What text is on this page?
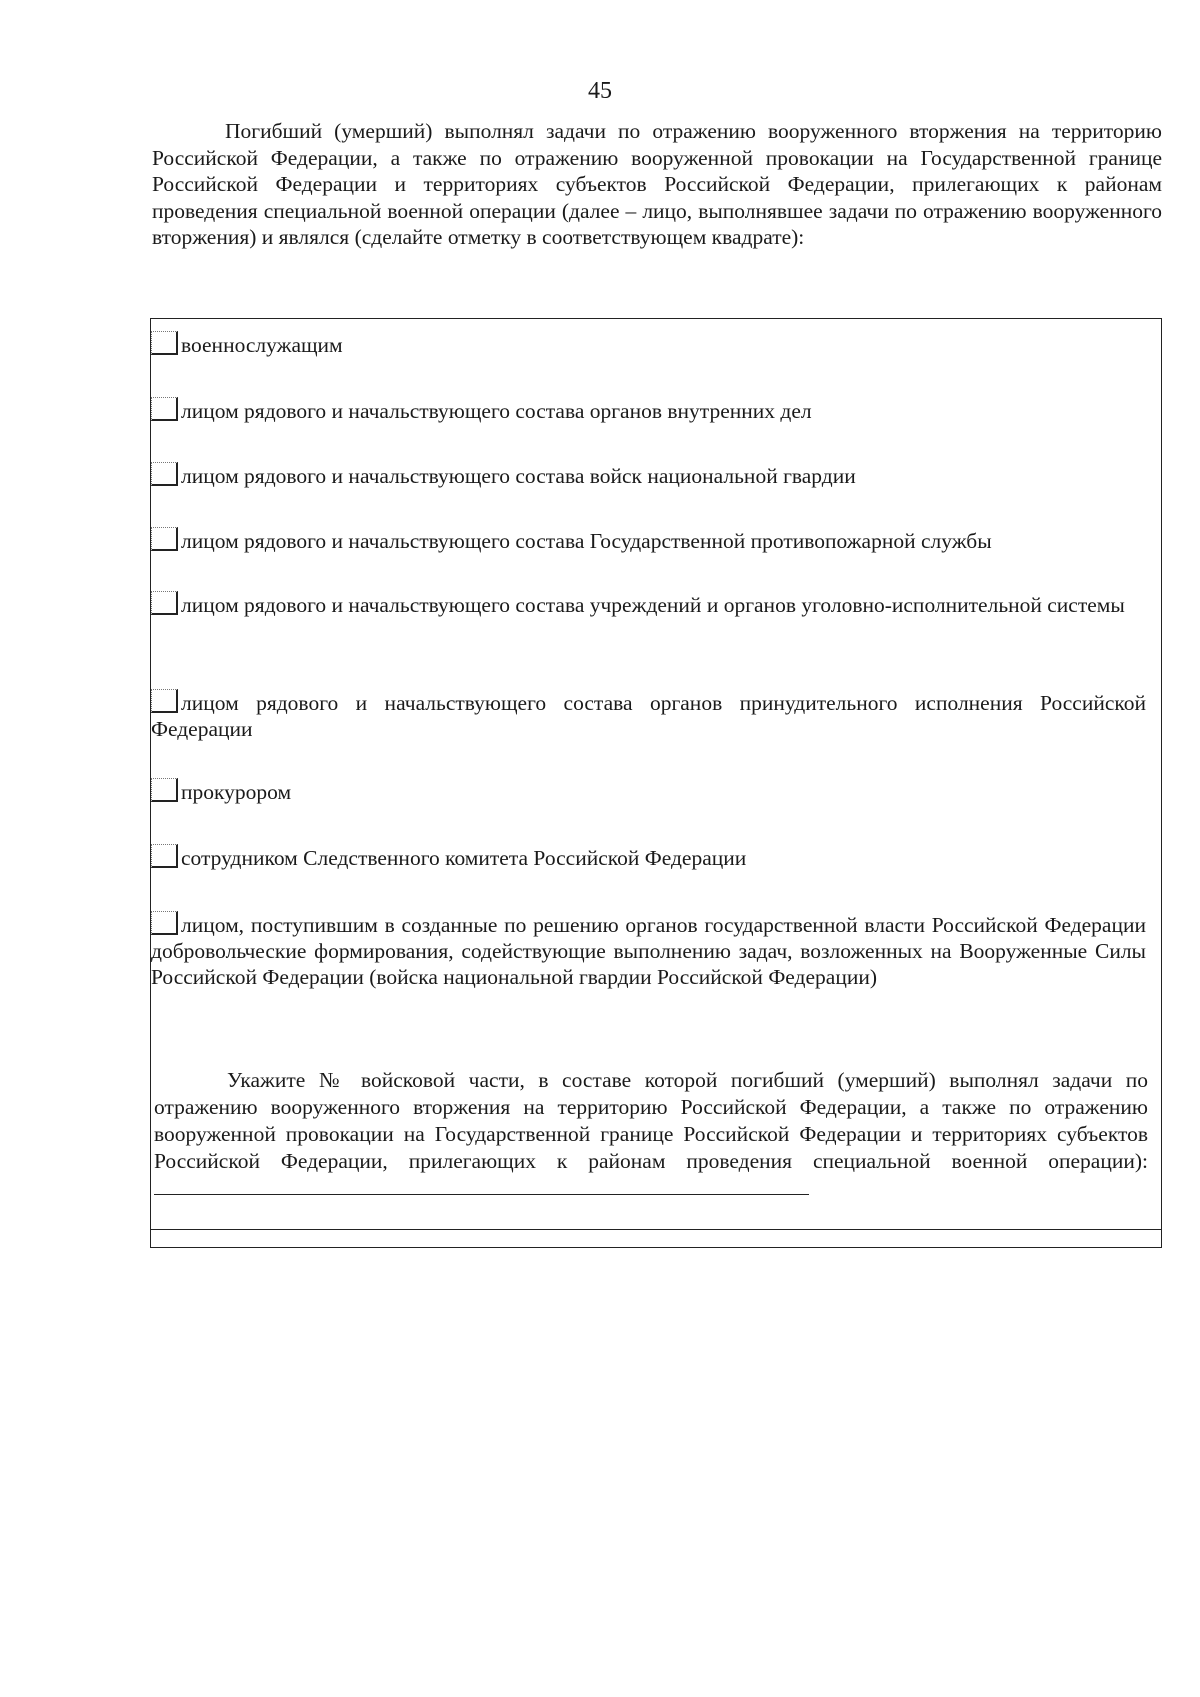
45

Погибший (умерший) выполнял задачи по отражению вооруженного вторжения на территорию Российской Федерации, а также по отражению вооруженной провокации на Государственной границе Российской Федерации и территориях субъектов Российской Федерации, прилегающих к районам проведения специальной военной операции (далее – лицо, выполнявшее задачи по отражению вооруженного вторжения) и являлся (сделайте отметку в соответствующем квадрате):

военнослужащим

лицом рядового и начальствующего состава органов внутренних дел

лицом рядового и начальствующего состава войск национальной гвардии

лицом рядового и начальствующего состава Государственной противопожарной службы

лицом рядового и начальствующего состава учреждений и органов уголовно-исполнительной системы

лицом рядового и начальствующего состава органов принудительного исполнения Российской Федерации

прокурором

сотрудником Следственного комитета Российской Федерации

лицом, поступившим в созданные по решению органов государственной власти Российской Федерации добровольческие формирования, содействующие выполнению задач, возложенных на Вооруженные Силы Российской Федерации (войска национальной гвардии Российской Федерации)

Укажите № войсковой части, в составе которой погибший (умерший) выполнял задачи по отражению вооруженного вторжения на территорию Российской Федерации, а также по отражению вооруженной провокации на Государственной границе Российской Федерации и территориях субъектов Российской Федерации, прилегающих к районам проведения специальной военной операции):
